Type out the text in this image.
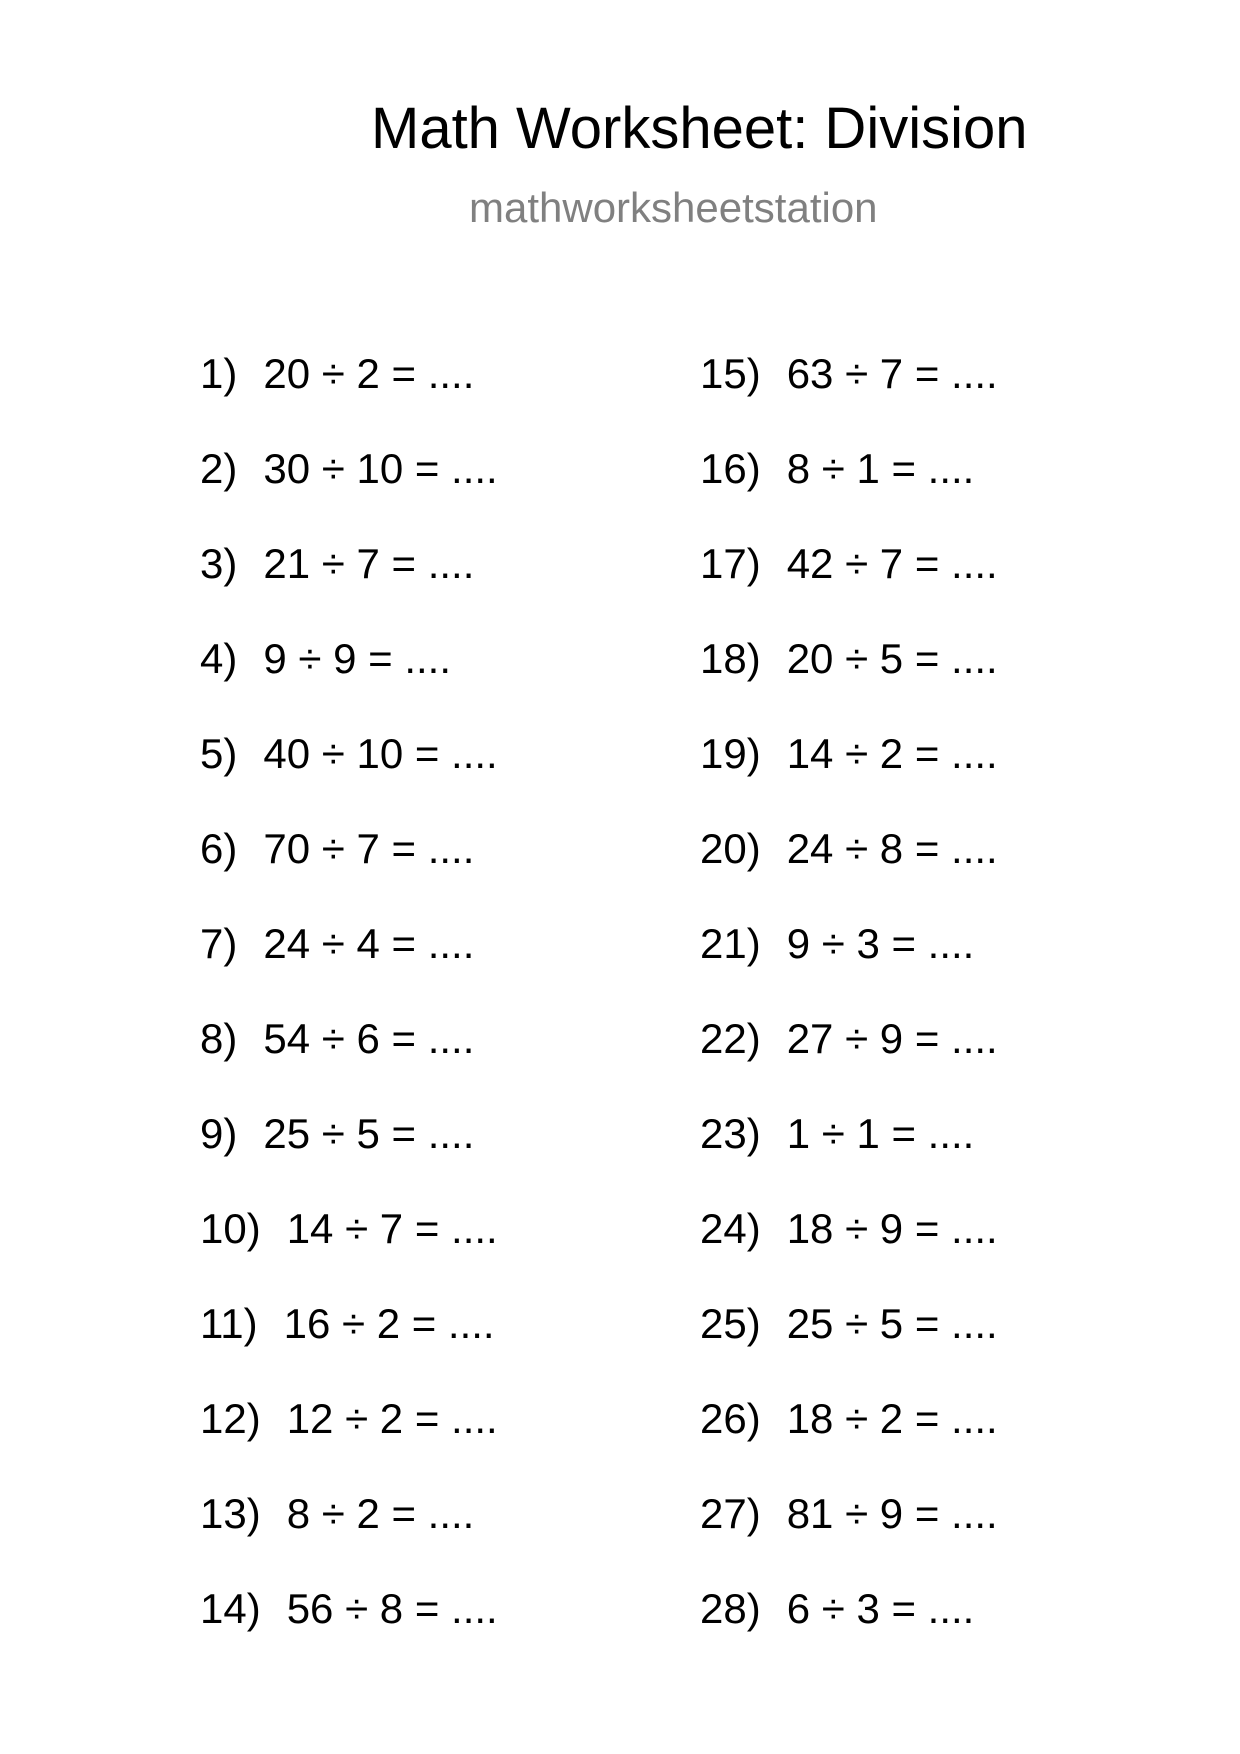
Math Worksheet: Division

mathworksheetstation

1) 20 ÷ 2 = ....
2) 30 ÷ 10 = ....
3) 21 ÷ 7 = ....
4) 9 ÷ 9 = ....
5) 40 ÷ 10 = ....
6) 70 ÷ 7 = ....
7) 24 ÷ 4 = ....
8) 54 ÷ 6 = ....
9) 25 ÷ 5 = ....
10) 14 ÷ 7 = ....
11) 16 ÷ 2 = ....
12) 12 ÷ 2 = ....
13) 8 ÷ 2 = ....
14) 56 ÷ 8 = ....
15) 63 ÷ 7 = ....
16) 8 ÷ 1 = ....
17) 42 ÷ 7 = ....
18) 20 ÷ 5 = ....
19) 14 ÷ 2 = ....
20) 24 ÷ 8 = ....
21) 9 ÷ 3 = ....
22) 27 ÷ 9 = ....
23) 1 ÷ 1 = ....
24) 18 ÷ 9 = ....
25) 25 ÷ 5 = ....
26) 18 ÷ 2 = ....
27) 81 ÷ 9 = ....
28) 6 ÷ 3 = ....
